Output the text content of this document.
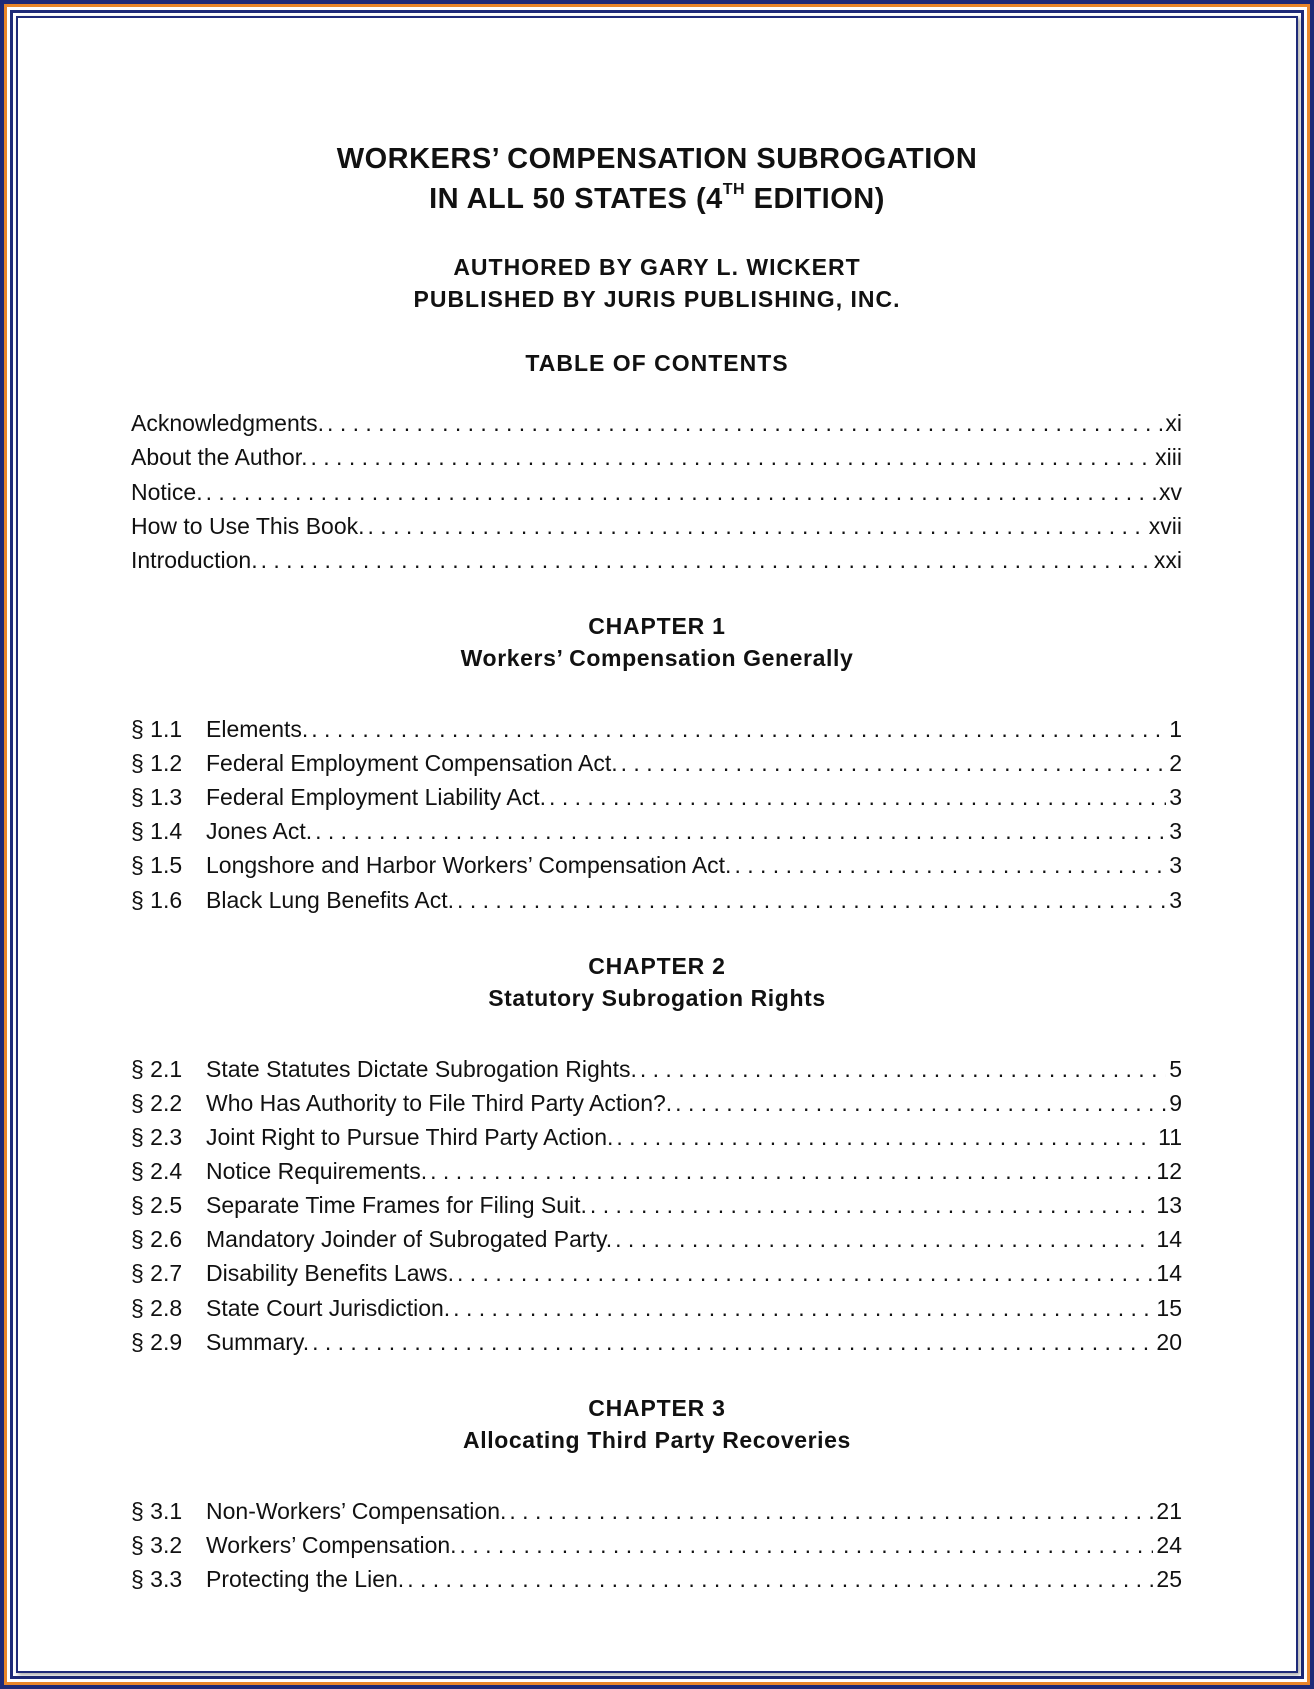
WORKERS’ COMPENSATION SUBROGATION
IN ALL 50 STATES (4TH EDITION)
AUTHORED BY GARY L. WICKERT
PUBLISHED BY JURIS PUBLISHING, INC.
TABLE OF CONTENTS
Acknowledgments. . . .	xi
About the Author. . . .	xiii
Notice. . . .	xv
How to Use This Book. . . .	xvii
Introduction. . . .	xxi
CHAPTER 1
Workers’ Compensation Generally
§ 1.1	Elements. . . .	1
§ 1.2	Federal Employment Compensation Act. . . .	2
§ 1.3	Federal Employment Liability Act. . . .	3
§ 1.4	Jones Act. . . .	3
§ 1.5	Longshore and Harbor Workers’ Compensation Act. . . .	3
§ 1.6	Black Lung Benefits Act. . . .	3
CHAPTER 2
Statutory Subrogation Rights
§ 2.1	State Statutes Dictate Subrogation Rights. . . .	5
§ 2.2	Who Has Authority to File Third Party Action?. . . .	9
§ 2.3	Joint Right to Pursue Third Party Action. . . .	11
§ 2.4	Notice Requirements. . . .	12
§ 2.5	Separate Time Frames for Filing Suit. . . .	13
§ 2.6	Mandatory Joinder of Subrogated Party. . . .	14
§ 2.7	Disability Benefits Laws. . . .	14
§ 2.8	State Court Jurisdiction. . . .	15
§ 2.9	Summary. . . .	20
CHAPTER 3
Allocating Third Party Recoveries
§ 3.1	Non-Workers’ Compensation. . . .	21
§ 3.2	Workers’ Compensation. . . .	24
§ 3.3	Protecting the Lien. . . .	25
